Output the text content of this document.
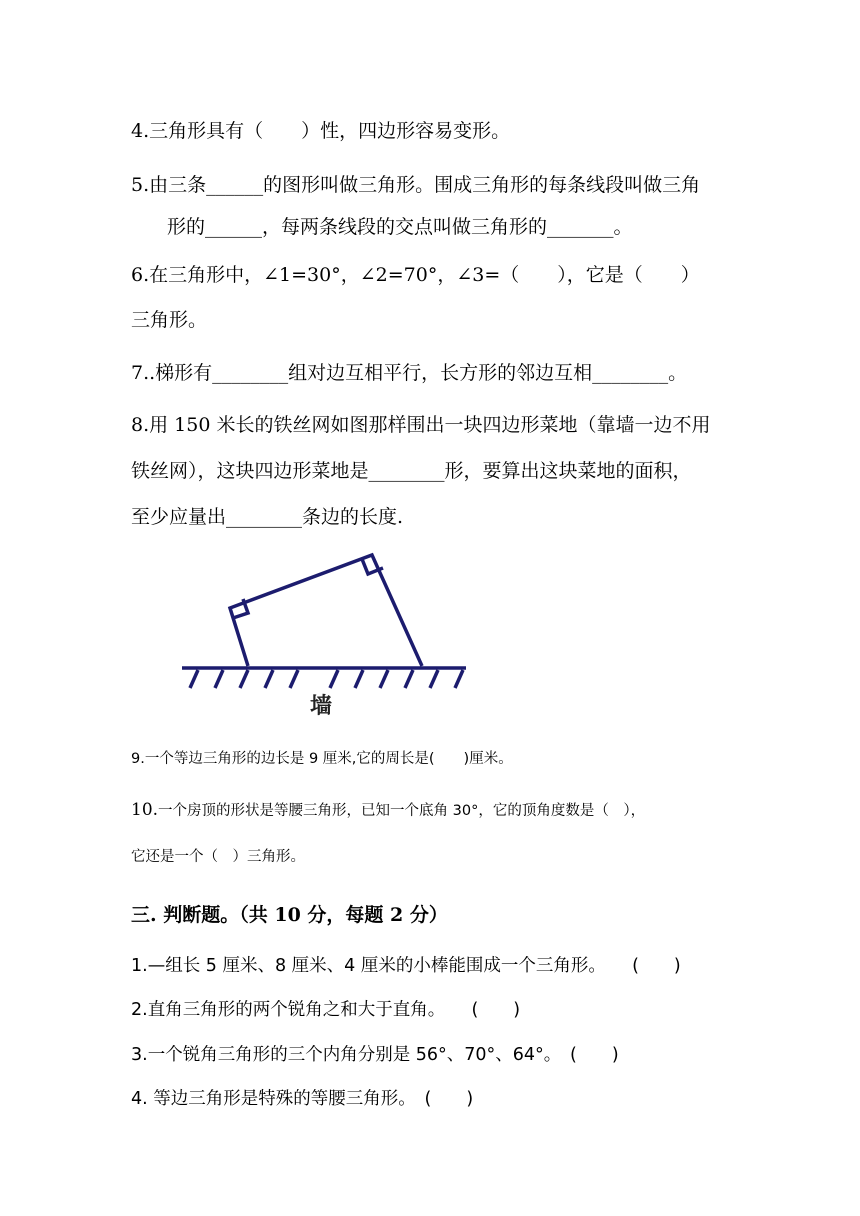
4.三角形具有（　　）性，四边形容易变形。
5.由三条______的图形叫做三角形。围成三角形的每条线段叫做三角
形的______，每两条线段的交点叫做三角形的_______。
6.在三角形中，∠1=30°，∠2=70°，∠3=（　　），它是（　　）
三角形。
7..梯形有________组对边互相平行，长方形的邻边互相________。
8.用 150 米长的铁丝网如图那样围出一块四边形菜地（靠墙一边不用
铁丝网），这块四边形菜地是________形，要算出这块菜地的面积，
至少应量出________条边的长度.
墙
9.一个等边三角形的边长是 9 厘米,它的周长是(　　)厘米。
10.一个房顶的形状是等腰三角形，已知一个底角 30°，它的顶角度数是（　），
它还是一个（　）三角形。
三. 判断题。（共 10 分，每题 2 分）
1.—组长 5 厘米、8 厘米、4 厘米的小棒能围成一个三角形。　　(　　)
2.直角三角形的两个锐角之和大于直角。　　(　　)
3.一个锐角三角形的三个内角分别是 56°、70°、64°。　(　　)
4. 等边三角形是特殊的等腰三角形。　(　　)
